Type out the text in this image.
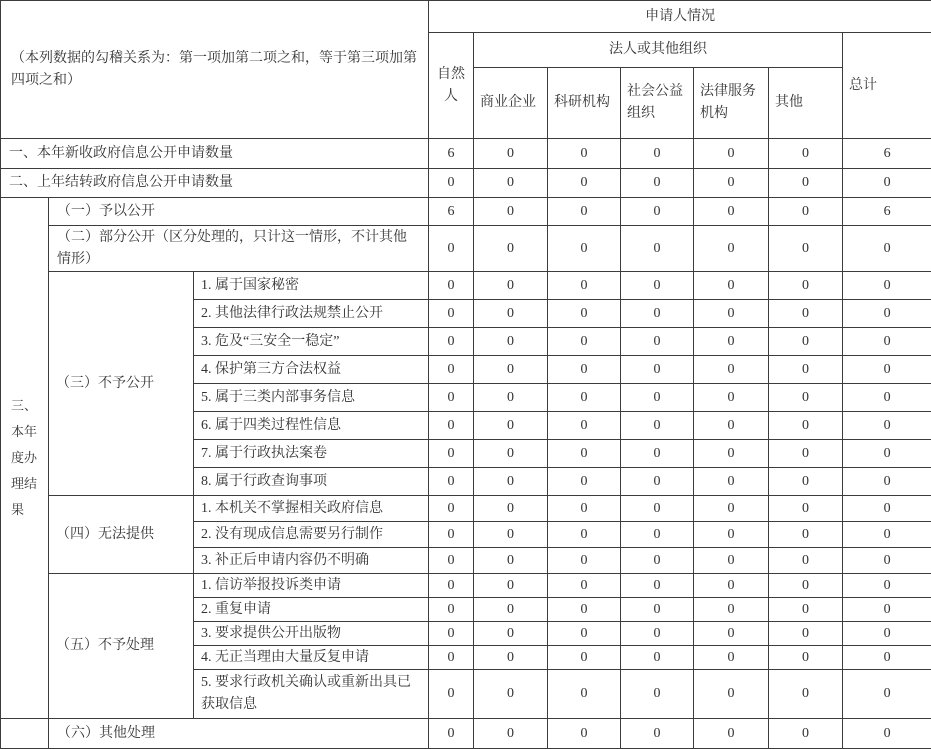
（本列数据的勾稽关系为：第一项加第二项之和，等于第三项加第四项之和）			申请人情况						
			自然人	法人或其他组织					总计
				商业企业	科研机构	社会公益组织	法律服务机构	其他	
一、本年新收政府信息公开申请数量			6	0	0	0	0	0	6
二、上年结转政府信息公开申请数量			0	0	0	0	0	0	0
三、本年度办理结果	（一）予以公开		6	0	0	0	0	0	6
	（二）部分公开（区分处理的，只计这一情形，不计其他情形）		0	0	0	0	0	0	0
	（三）不予公开	1. 属于国家秘密	0	0	0	0	0	0	0
		2. 其他法律行政法规禁止公开	0	0	0	0	0	0	0
		3. 危及“三安全一稳定”	0	0	0	0	0	0	0
		4. 保护第三方合法权益	0	0	0	0	0	0	0
		5. 属于三类内部事务信息	0	0	0	0	0	0	0
		6. 属于四类过程性信息	0	0	0	0	0	0	0
		7. 属于行政执法案卷	0	0	0	0	0	0	0
		8. 属于行政查询事项	0	0	0	0	0	0	0
	（四）无法提供	1. 本机关不掌握相关政府信息	0	0	0	0	0	0	0
		2. 没有现成信息需要另行制作	0	0	0	0	0	0	0
		3. 补正后申请内容仍不明确	0	0	0	0	0	0	0
	（五）不予处理	1. 信访举报投诉类申请	0	0	0	0	0	0	0
		2. 重复申请	0	0	0	0	0	0	0
		3. 要求提供公开出版物	0	0	0	0	0	0	0
		4. 无正当理由大量反复申请	0	0	0	0	0	0	0
		5. 要求行政机关确认或重新出具已获取信息	0	0	0	0	0	0	0
	（六）其他处理		0	0	0	0	0	0	0
